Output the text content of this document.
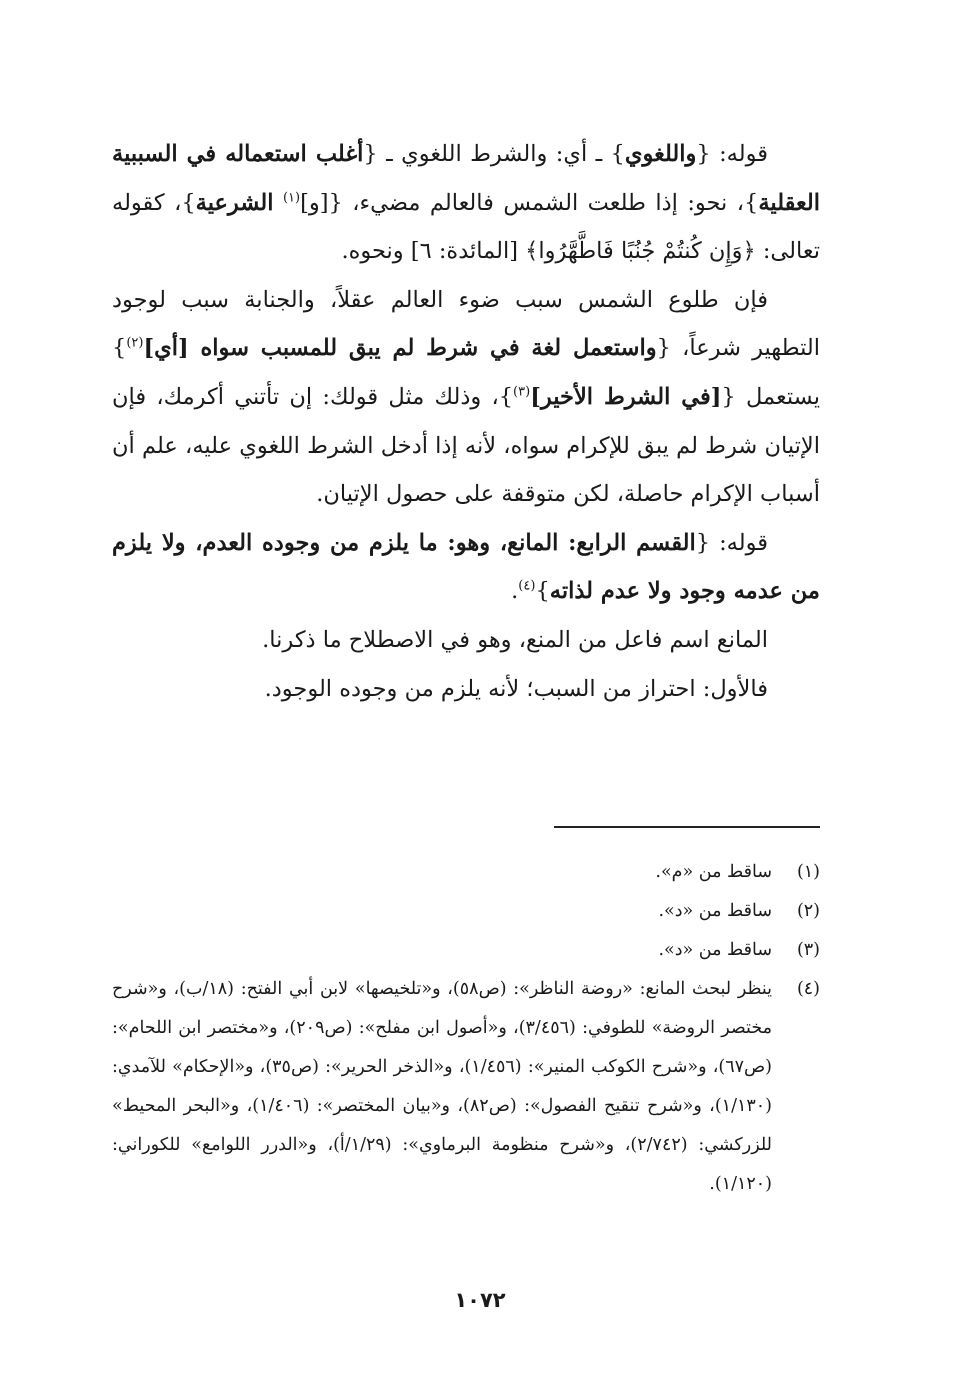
قوله: {واللغوي} ـ أي: والشرط اللغوي ـ {أغلب استعماله في السببية العقلية}، نحو: إذا طلعت الشمس فالعالم مضيء، {[و]$^{(١)}$ الشرعية}، كقوله تعالى: ﴿وَإِن كُنتُمْ جُنُبًا فَاطَّهَّرُوا﴾ [المائدة: ٦] ونحوه.

فإن طلوع الشمس سبب ضوء العالم عقلاً، والجنابة سبب لوجود التطهير شرعاً، {واستعمل لغة في شرط لم يبق للمسبب سواه [أي]$^{(٢)}$} يستعمل {[في الشرط الأخير]$^{(٣)}$}، وذلك مثل قولك: إن تأتني أكرمك، فإن الإتيان شرط لم يبق للإكرام سواه، لأنه إذا أدخل الشرط اللغوي عليه، علم أن أسباب الإكرام حاصلة، لكن متوقفة على حصول الإتيان.

قوله: {القسم الرابع: المانع، وهو: ما يلزم من وجوده العدم، ولا يلزم من عدمه وجود ولا عدم لذاته}$^{(٤)}$.

المانع اسم فاعل من المنع، وهو في الاصطلاح ما ذكرنا.

فالأول: احتراز من السبب؛ لأنه يلزم من وجوده الوجود.

(١)
ساقط من «م».
(٢)
ساقط من «د».
(٣)
ساقط من «د».
(٤)
ينظر لبحث المانع: «روضة الناظر»: (ص٥٨)، و«تلخيصها» لابن أبي الفتح: (١٨/ب)، و«شرح مختصر الروضة» للطوفي: (٣/٤٥٦)، و«أصول ابن مفلح»: (ص٢٠٩)، و«مختصر ابن اللحام»: (ص٦٧)، و«شرح الكوكب المنير»: (١/٤٥٦)، و«الذخر الحرير»: (ص٣٥)، و«الإحكام» للآمدي: (١/١٣٠)، و«شرح تنقيح الفصول»: (ص٨٢)، و«بيان المختصر»: (١/٤٠٦)، و«البحر المحيط» للزركشي: (٢/٧٤٢)، و«شرح منظومة البرماوي»: (١/٢٩/أ)، و«الدرر اللوامع» للكوراني: (١/١٢٠).
١٠٧٢
